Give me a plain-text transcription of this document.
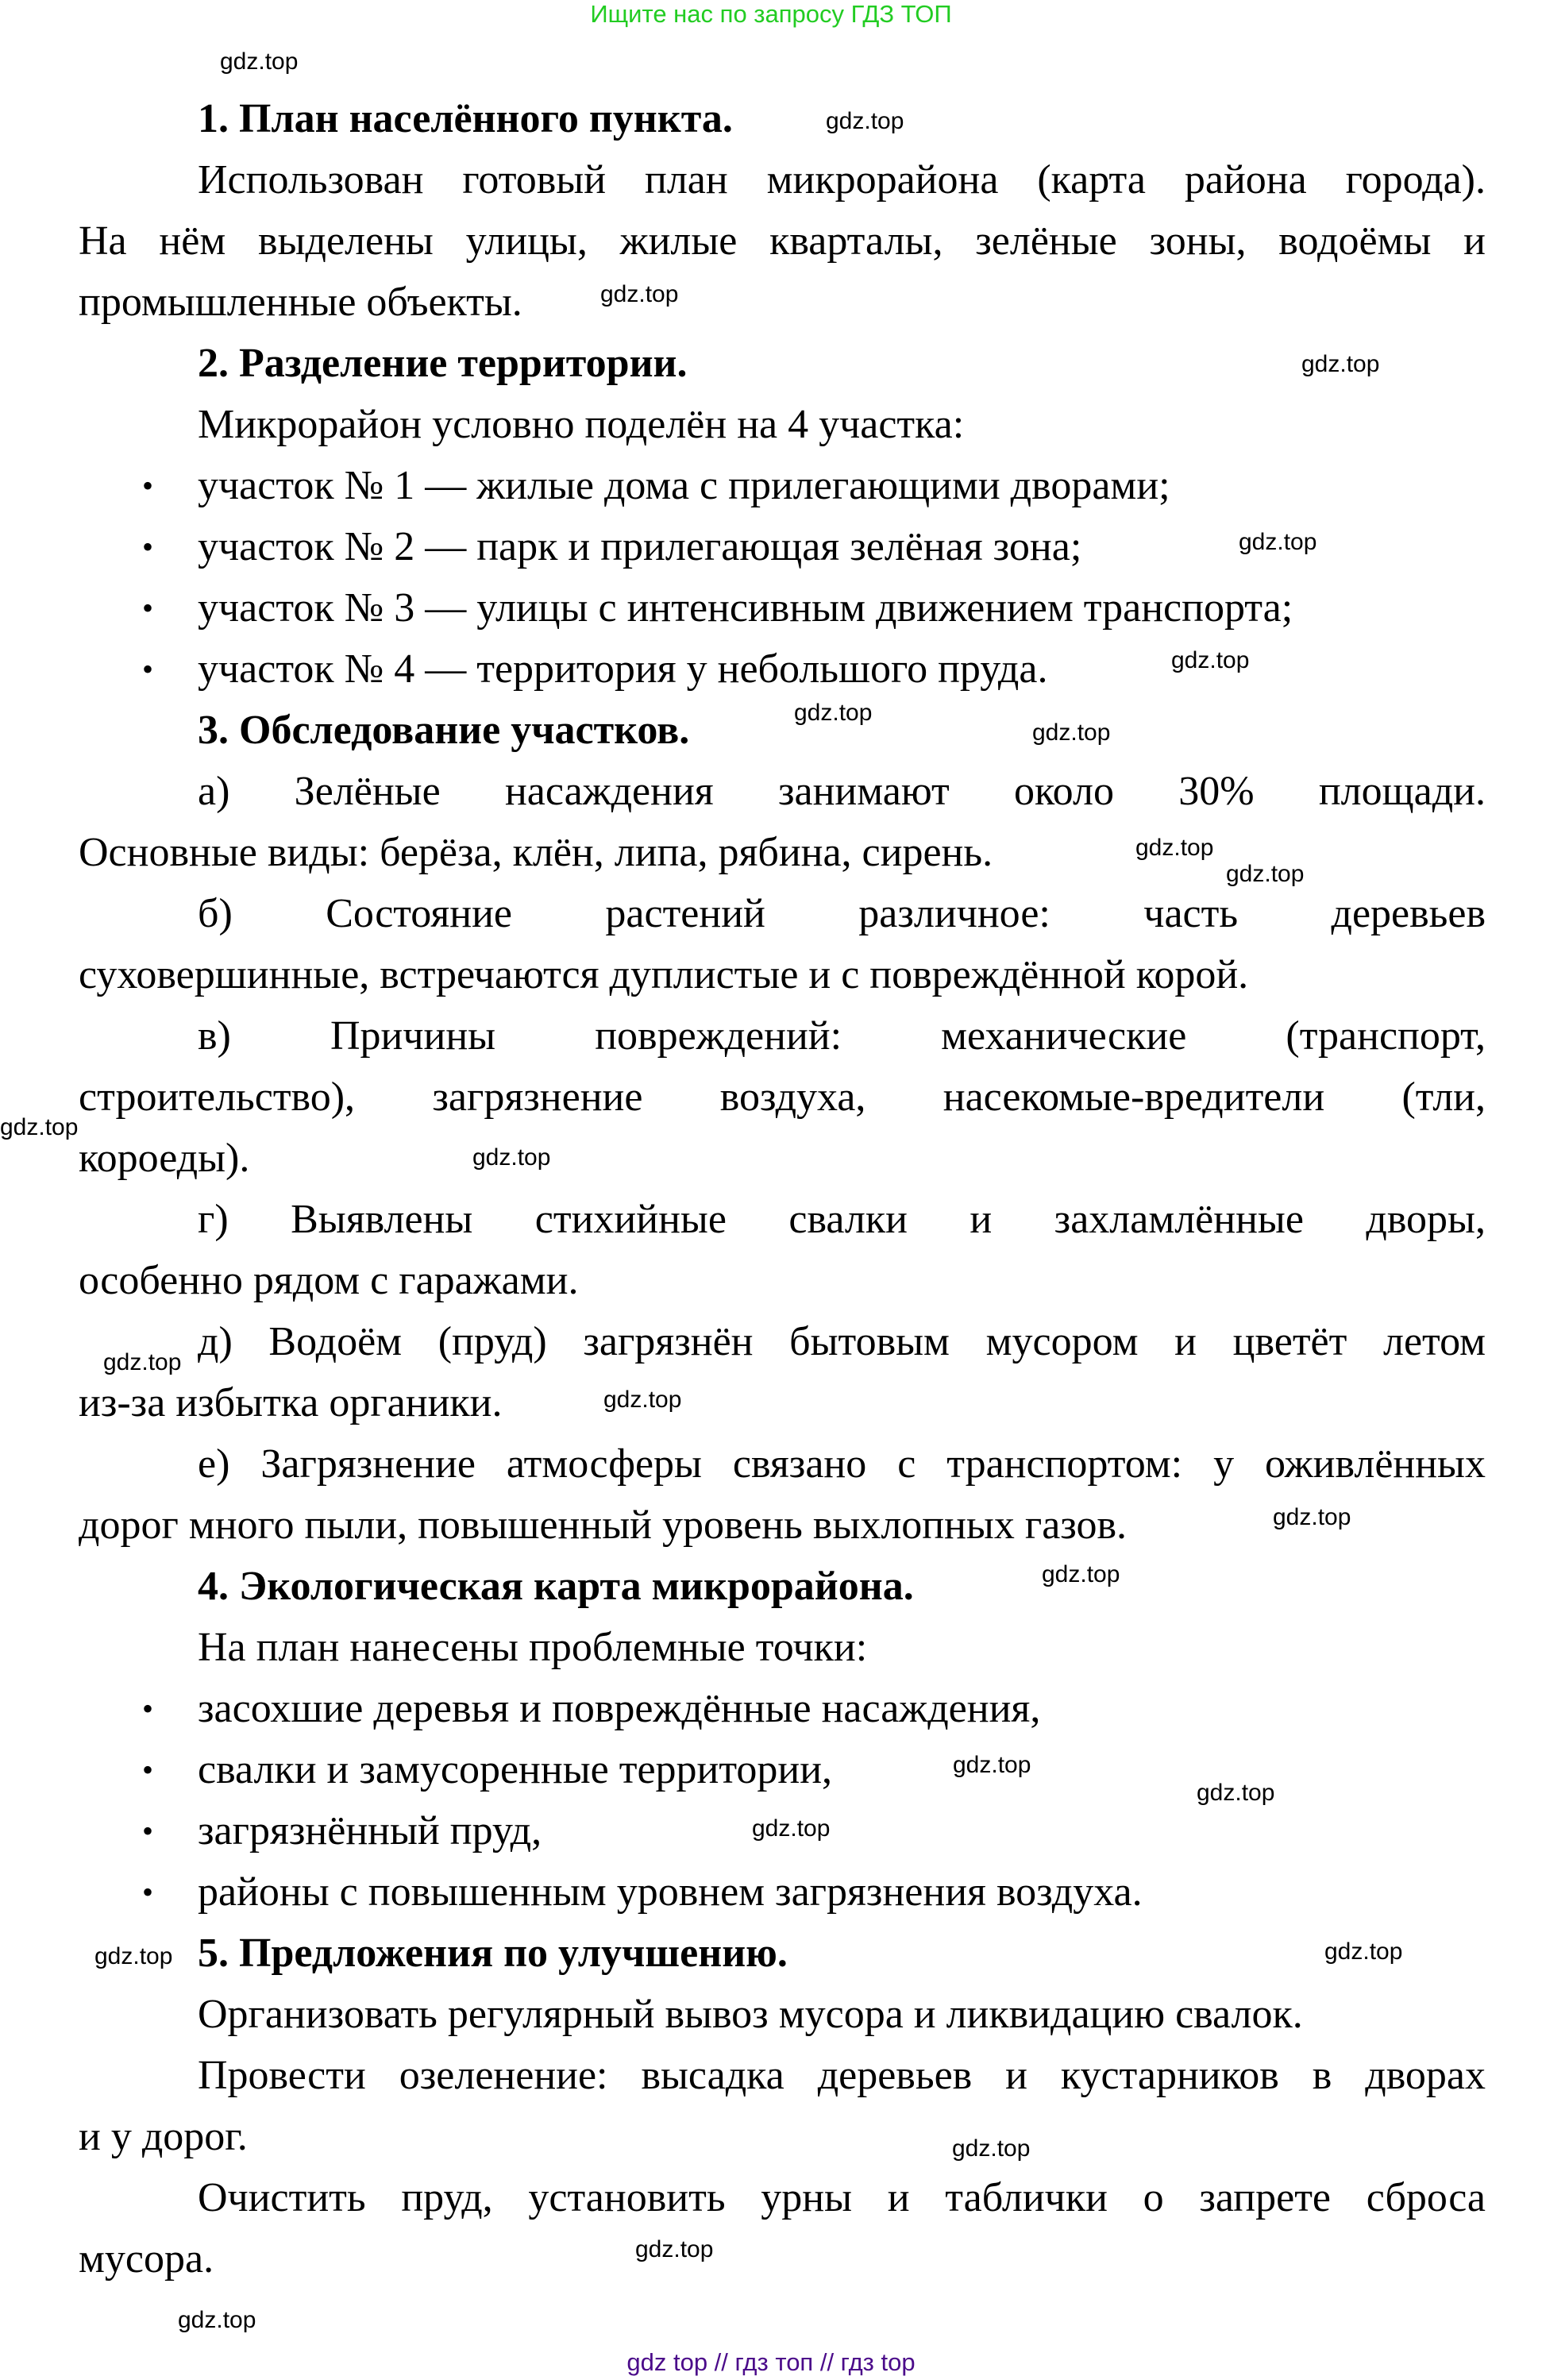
Ищите нас по запросу ГДЗ ТОП
1. План населённого пункта.
Использован готовый план микрорайона (карта района города).
На нём выделены улицы, жилые кварталы, зелёные зоны, водоёмы и
промышленные объекты.
2. Разделение территории.
Микрорайон условно поделён на 4 участка:
• участок № 1 — жилые дома с прилегающими дворами;
• участок № 2 — парк и прилегающая зелёная зона;
• участок № 3 — улицы с интенсивным движением транспорта;
• участок № 4 — территория у небольшого пруда.
3. Обследование участков.
а) Зелёные насаждения занимают около 30% площади.
Основные виды: берёза, клён, липа, рябина, сирень.
б) Состояние растений различное: часть деревьев
суховершинные, встречаются дуплистые и с повреждённой корой.
в) Причины повреждений: механические (транспорт,
строительство), загрязнение воздуха, насекомые-вредители (тли,
короеды).
г) Выявлены стихийные свалки и захламлённые дворы,
особенно рядом с гаражами.
д) Водоём (пруд) загрязнён бытовым мусором и цветёт летом
из-за избытка органики.
е) Загрязнение атмосферы связано с транспортом: у оживлённых
дорог много пыли, повышенный уровень выхлопных газов.
4. Экологическая карта микрорайона.
На план нанесены проблемные точки:
• засохшие деревья и повреждённые насаждения,
• свалки и замусоренные территории,
• загрязнённый пруд,
• районы с повышенным уровнем загрязнения воздуха.
5. Предложения по улучшению.
Организовать регулярный вывоз мусора и ликвидацию свалок.
Провести озеленение: высадка деревьев и кустарников в дворах
и у дорог.
Очистить пруд, установить урны и таблички о запрете сброса
мусора.
gdz.top
gdz.top
gdz.top
gdz.top
gdz.top
gdz.top
gdz.top
gdz.top
gdz.top
gdz.top
gdz.top
gdz.top
gdz.top
gdz.top
gdz.top
gdz.top
gdz.top
gdz.top
gdz.top
gdz.top	gdz.top
gdz.top
gdz.top
gdz.top
gdz top // гдз топ // гдз top
